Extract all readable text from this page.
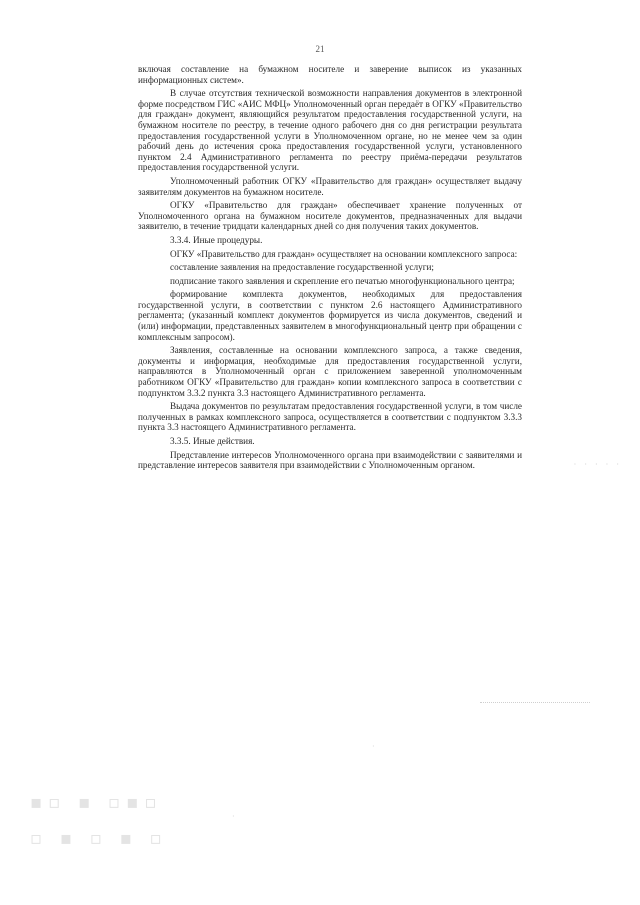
21

включая составление на бумажном носителе и заверение выписок из указанных информационных систем».

В случае отсутствия технической возможности направления документов в электронной форме посредством ГИС «АИС МФЦ» Уполномоченный орган передаёт в ОГКУ «Правительство для граждан» документ, являющийся результатом предоставления государственной услуги, на бумажном носителе по реестру, в течение одного рабочего дня со дня регистрации результата предоставления государственной услуги в Уполномоченном органе, но не менее чем за один рабочий день до истечения срока предоставления государственной услуги, установленного пунктом 2.4 Административного регламента по реестру приёма-передачи результатов предоставления государственной услуги.

Уполномоченный работник ОГКУ «Правительство для граждан» осуществляет выдачу заявителям документов на бумажном носителе.

ОГКУ «Правительство для граждан» обеспечивает хранение полученных от Уполномоченного органа на бумажном носителе документов, предназначенных для выдачи заявителю, в течение тридцати календарных дней со дня получения таких документов.

3.3.4. Иные процедуры.

ОГКУ «Правительство для граждан» осуществляет на основании комплексного запроса:

составление заявления на предоставление государственной услуги;

подписание такого заявления и скрепление его печатью многофункционального центра;

формирование комплекта документов, необходимых для предоставления государственной услуги, в соответствии с пунктом 2.6 настоящего Административного регламента; (указанный комплект документов формируется из числа документов, сведений и (или) информации, представленных заявителем в многофункциональный центр при обращении с комплексным запросом).

Заявления, составленные на основании комплексного запроса, а также сведения, документы и информация, необходимые для предоставления государственной услуги, направляются в Уполномоченный орган с приложением заверенной уполномоченным работником ОГКУ «Правительство для граждан» копии комплексного запроса в соответствии с подпунктом 3.3.2 пункта 3.3 настоящего Административного регламента.

Выдача документов по результатам предоставления государственной услуги, в том числе полученных в рамках комплексного запроса, осуществляется в соответствии с подпунктом 3.3.3 пункта 3.3 настоящего Административного регламента.

3.3.5. Иные действия.

Представление интересов Уполномоченного органа при взаимодействии с заявителями и представление интересов заявителя при взаимодействии с Уполномоченным органом.	· · · · ·
▪▫ ▪ ▫▪▫
▫ ▪ ▫ ▪ ▫
·
·
